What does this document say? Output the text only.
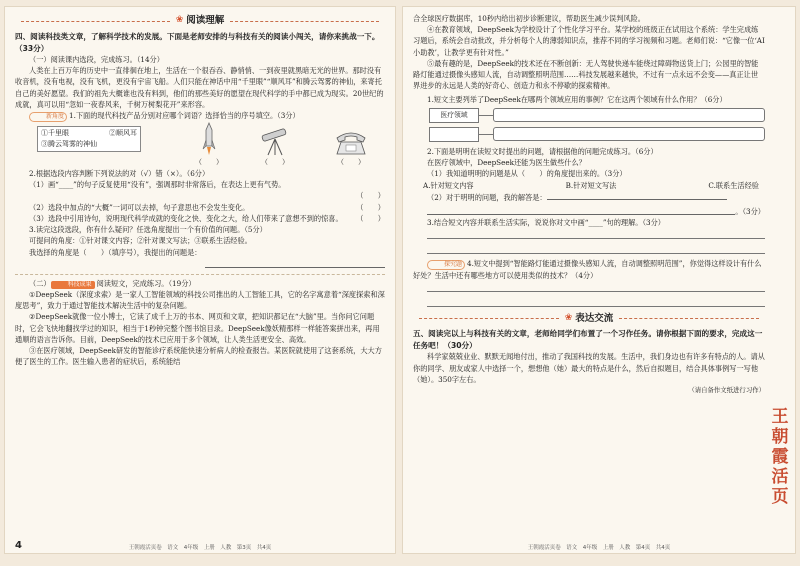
❀ 阅读理解

四、阅读科技类文章，了解科学技术的发展。下面是老师安排的与科技有关的阅读小闯关，请你来挑战一下。（33分）

（一）阅读课内选段，完成练习。（14分）

人类在上百万年的历史中一直徘徊在地上，生活在一个很吞吞、静悄悄、一到夜里就黑暗无光的世界。那时没有收音机，没有电视，没有飞机，更没有宇宙飞船。人们只能在神话中用“千里眼”“顺风耳”和腾云驾雾的神仙，来寄托自己的美好愿望。我们的祖先大概谁也没有料到，他们的那些美好的愿望在现代科学的手中都已成为现实。20世纪的成就，真可以用“忽如一夜春风来，千树万树梨花开”来形容。

新角度 1.下面的现代科技产品分别对应哪个词语？选择恰当的序号填空。（3分）

①千里眼	②顺风耳
③腾云驾雾的神仙
（　　）	（　　）	（　　）

2.根据选段内容判断下列说法的对（√）错（×）。（6分）

（1）画“____”的句子反复使用“没有”，强调那时非常落后，在表达上更有气势。

（　　）

（2）选段中加点的“大概”一词可以去掉，句子意思也不会发生变化。	（　　）

（3）选段中引用诗句，说明现代科学成就的变化之快、变化之大，给人们带来了意想不到的惊喜。	（　　）

3.读完这段选段，你有什么疑问？任选角度提出一个有价值的问题。（5分）

可提问的角度：①针对课文内容；②针对课文写法；③联系生活经验。

我选择的角度是（　　）（填序号），我提出的问题是：

（二）	科技成果 阅读短文，完成练习。（19分）

①DeepSeek（深度求索）是一家人工智能领域的科技公司推出的人工智能工具，它的名字寓意着“深度探索和深度思考”，致力于通过智能技术解决生活中的复杂问题。

②DeepSeek就像一位小博士，它读了成千上万的书本、网页和文章，把知识都记在“大脑”里。当你问它问题时，它会飞快地翻找学过的知识，相当于1秒钟完整个图书馆目录。DeepSeek像妖精那样一样能答案拼出来，再用通顺的语言告诉你。目前，DeepSeek的技术已应用于多个领域，让人类生活更安全、高效。

③在医疗领域，DeepSeek研发的智能诊疗系统能快速分析病人的检查报告。某医院就使用了这套系统，大大方便了医生的工作。医生输入患者的症状后，系统能结

4	王朝霞活页卷　语文　4年级　上册　人教　第3页　共4页

合全球医疗数据库，10秒内给出初步诊断建议，帮助医生减少误判风险。

④在教育领域，DeepSeek为学校设计了个性化学习平台。某学校的班级正在试用这个系统：学生完成练习题后，系统会自动批改，并分析每个人的薄弱知识点，推荐不同的学习视频和习题。老师们说：“它像一位‘AI小助教’，让教学更有针对性。”

⑤最有趣的是，DeepSeek的技术还在不断创新：无人驾驶快递车能绕过障碍物送货上门；公园里的智能路灯能通过摄像头感知人流，自动调整照明范围……科技发展越来越快，不过有一点永远不会变——真正让世界进步的永远是人类的好奇心、创造力和永不停歇的探索精神。

1.短文主要列举了DeepSeek在哪两个领域应用的事例？它在这两个领域有什么作用？（6分）

医疗领域

2.下面是明明在读短文时提出的问题，请根据他的问题完成练习。（6分）

在医疗领域中，DeepSeek还能为医生做些什么？

（1）我知道明明的问题是从（　　）的角度提出来的。（3分）

A.针对短文内容	B.针对短文写法	C.联系生活经验

（2）对于明明的问题，我的解答是：

。（3分）

3.结合短文内容并联系生活实际，说说你对文中画“____”句的理解。（3分）

探究题 4.短文中提到“智能路灯能通过摄像头感知人流，自动调整照明范围”，你觉得这样设计有什么好处？生活中还有哪些地方可以使用类似的技术？（4分）

❀ 表达交流

五、阅读完以上与科技有关的文章，老师给同学们布置了一个习作任务。请你根据下面的要求，完成这一任务吧！（30分）

科学家兢兢业业、默默无闻地付出，推动了我国科技的发展。生活中，我们身边也有许多有特点的人。请从你的同学、朋友或家人中选择一个，想想他（她）最大的特点是什么，然后自拟题目，结合具体事例写一写他（她）。350字左右。

（请自备作文纸进行习作）

王朝霞活页
王朝霞活页卷　语文　4年级　上册　人教　第4页　共4页
